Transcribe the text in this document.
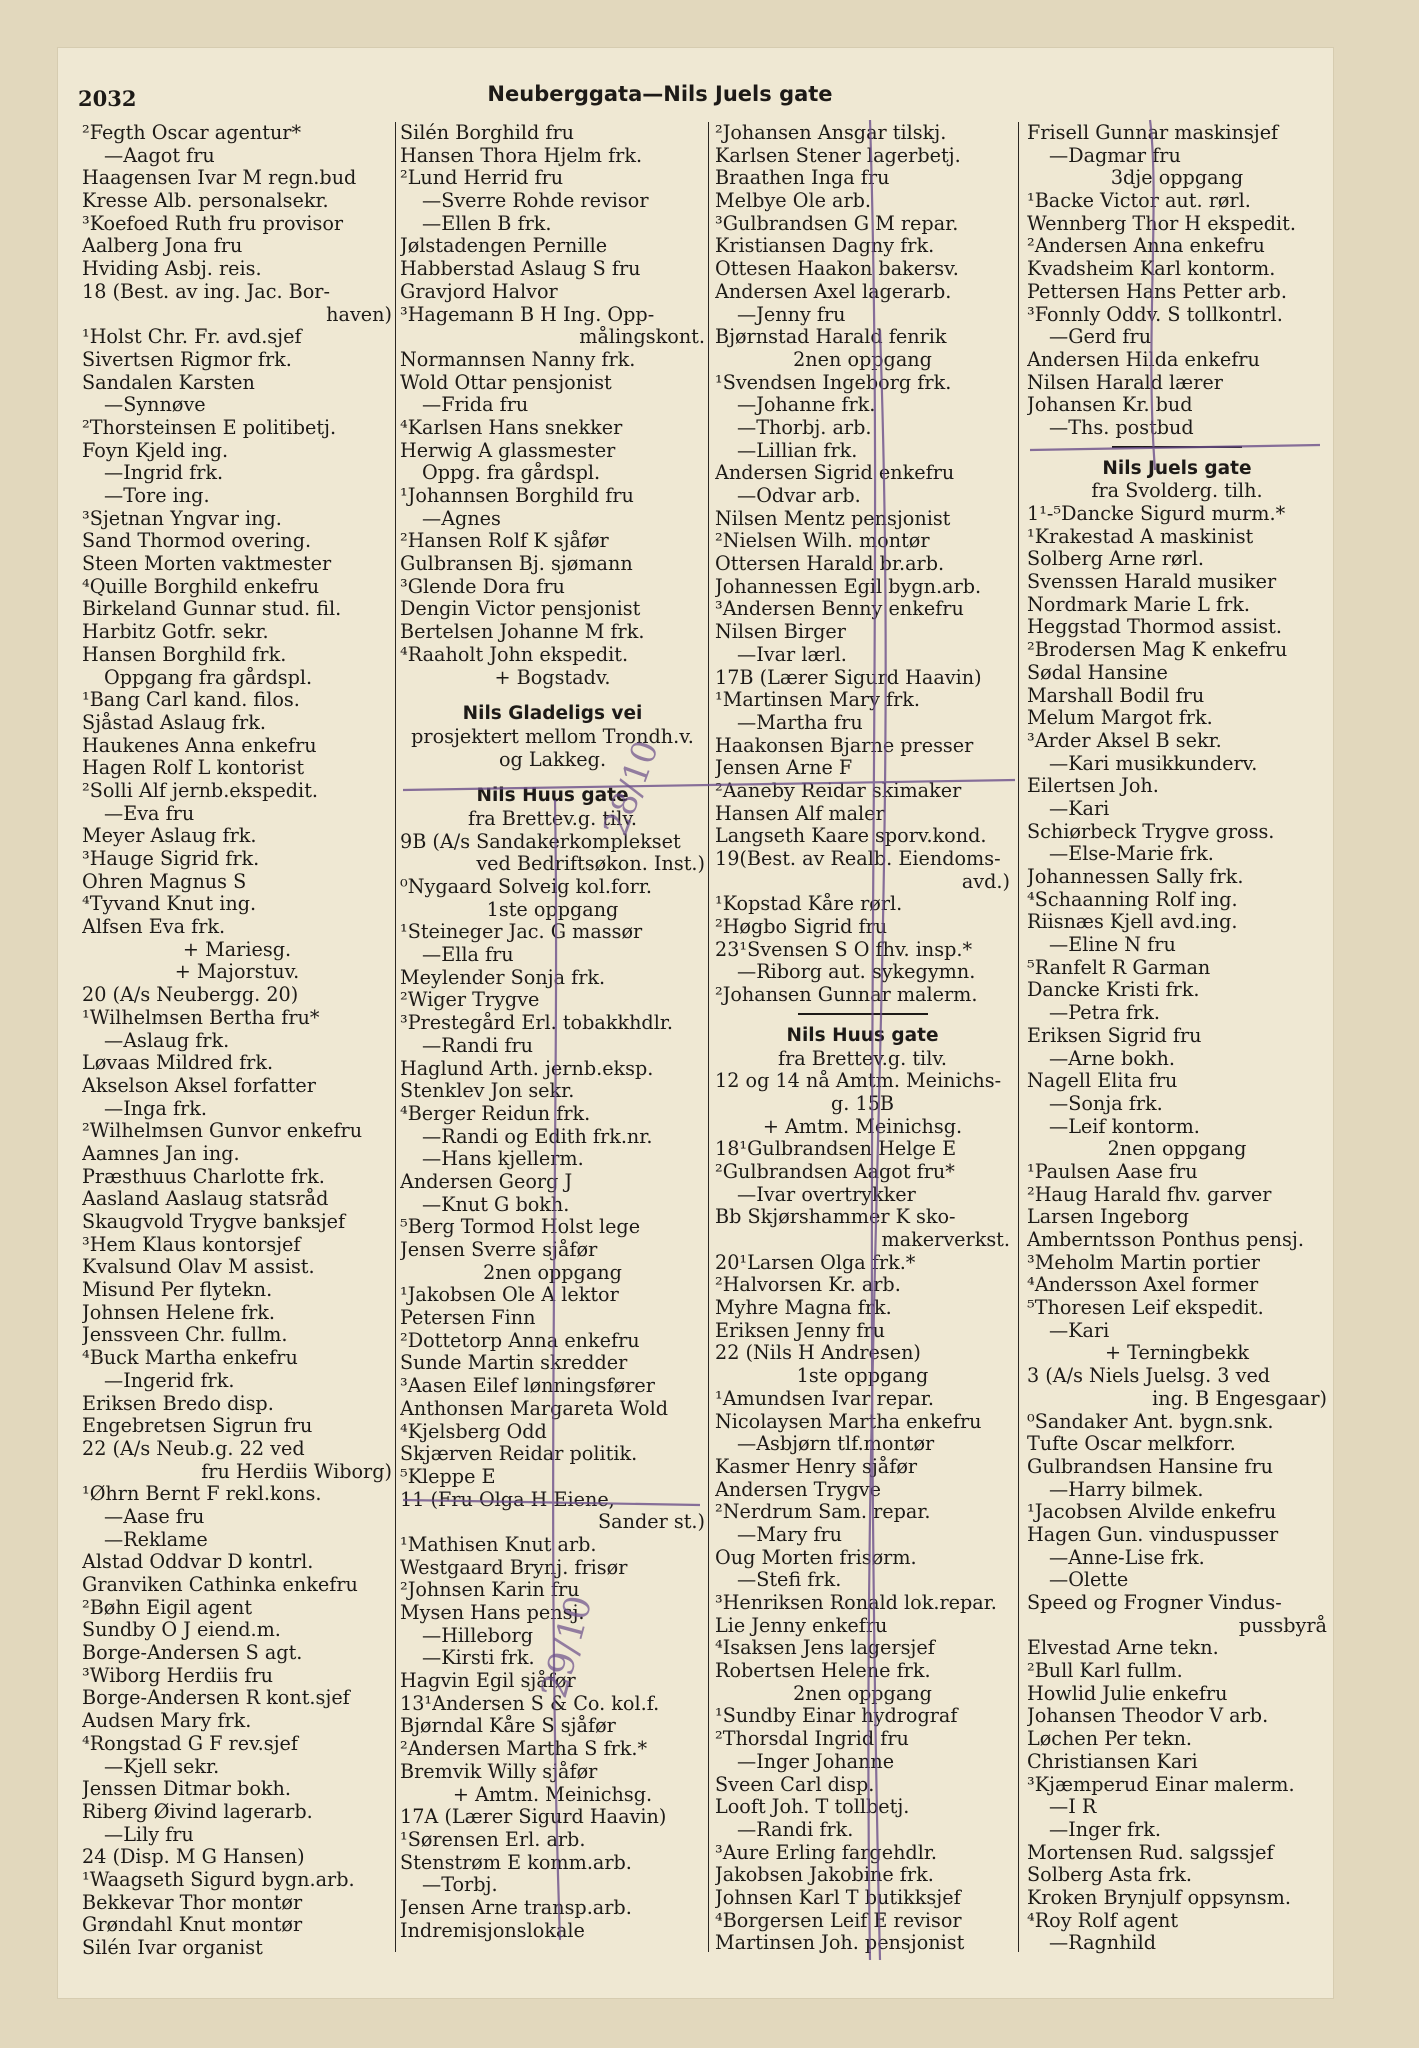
2032	Neuberggata—Nils Juels gate
²Fegth Oscar agentur*
—Aagot fru
Haagensen Ivar M regn.bud
Kresse Alb. personalsekr.
³Koefoed Ruth fru provisor
Aalberg Jona fru
Hviding Asbj. reis.
18 (Best. av ing. Jac. Bor-
haven)
¹Holst Chr. Fr. avd.sjef
Sivertsen Rigmor frk.
Sandalen Karsten
—Synnøve
²Thorsteinsen E politibetj.
Foyn Kjeld ing.
—Ingrid frk.
—Tore ing.
³Sjetnan Yngvar ing.
Sand Thormod overing.
Steen Morten vaktmester
⁴Quille Borghild enkefru
Birkeland Gunnar stud. fil.
Harbitz Gotfr. sekr.
Hansen Borghild frk.
Oppgang fra gårdspl.
¹Bang Carl kand. filos.
Sjåstad Aslaug frk.
Haukenes Anna enkefru
Hagen Rolf L kontorist
²Solli Alf jernb.ekspedit.
—Eva fru
Meyer Aslaug frk.
³Hauge Sigrid frk.
Ohren Magnus S
⁴Tyvand Knut ing.
Alfsen Eva frk.
+ Mariesg.
+ Majorstuv.
20 (A/s Neubergg. 20)
¹Wilhelmsen Bertha fru*
—Aslaug frk.
Løvaas Mildred frk.
Akselson Aksel forfatter
—Inga frk.
²Wilhelmsen Gunvor enkefru
Aamnes Jan ing.
Præsthuus Charlotte frk.
Aasland Aaslaug statsråd
Skaugvold Trygve banksjef
³Hem Klaus kontorsjef
Kvalsund Olav M assist.
Misund Per flytekn.
Johnsen Helene frk.
Jenssveen Chr. fullm.
⁴Buck Martha enkefru
—Ingerid frk.
Eriksen Bredo disp.
Engebretsen Sigrun fru
22 (A/s Neub.g. 22 ved
fru Herdiis Wiborg)
¹Øhrn Bernt F rekl.kons.
—Aase fru
—Reklame
Alstad Oddvar D kontrl.
Granviken Cathinka enkefru
²Bøhn Eigil agent
Sundby O J eiend.m.
Borge-Andersen S agt.
³Wiborg Herdiis fru
Borge-Andersen R kont.sjef
Audsen Mary frk.
⁴Rongstad G F rev.sjef
—Kjell sekr.
Jenssen Ditmar bokh.
Riberg Øivind lagerarb.
—Lily fru
24 (Disp. M G Hansen)
¹Waagseth Sigurd bygn.arb.
Bekkevar Thor montør
Grøndahl Knut montør
Silén Ivar organist
Silén Borghild fru
Hansen Thora Hjelm frk.
²Lund Herrid fru
—Sverre Rohde revisor
—Ellen B frk.
Jølstadengen Pernille
Habberstad Aslaug S fru
Gravjord Halvor
³Hagemann B H Ing. Opp-
målingskont.
Normannsen Nanny frk.
Wold Ottar pensjonist
—Frida fru
⁴Karlsen Hans snekker
Herwig A glassmester
Oppg. fra gårdspl.
¹Johannsen Borghild fru
—Agnes
²Hansen Rolf K sjåfør
Gulbransen Bj. sjømann
³Glende Dora fru
Dengin Victor pensjonist
Bertelsen Johanne M frk.
⁴Raaholt John ekspedit.
+ Bogstadv.
Nils Gladeligs vei
prosjektert mellom Trondh.v.
og Lakkeg.
Nils Huus gate
fra Brettev.g. tilv.
9B (A/s Sandakerkomplekset
ved Bedriftsøkon. Inst.)
⁰Nygaard Solveig kol.forr.
1ste oppgang
¹Steineger Jac. G massør
—Ella fru
Meylender Sonja frk.
²Wiger Trygve
³Prestegård Erl. tobakkhdlr.
—Randi fru
Haglund Arth. jernb.eksp.
Stenklev Jon sekr.
⁴Berger Reidun frk.
—Randi og Edith frk.nr.
—Hans kjellerm.
Andersen Georg J
—Knut G bokh.
⁵Berg Tormod Holst lege
Jensen Sverre sjåfør
2nen oppgang
¹Jakobsen Ole A lektor
Petersen Finn
²Dottetorp Anna enkefru
Sunde Martin skredder
³Aasen Eilef lønningsfører
Anthonsen Margareta Wold
⁴Kjelsberg Odd
Skjærven Reidar politik.
⁵Kleppe E
11 (Fru Olga H Eiene,
Sander st.)
¹Mathisen Knut arb.
Westgaard Brynj. frisør
²Johnsen Karin fru
Mysen Hans pensj.
—Hilleborg
—Kirsti frk.
Hagvin Egil sjåfør
13¹Andersen S & Co. kol.f.
Bjørndal Kåre S sjåfør
²Andersen Martha S frk.*
Bremvik Willy sjåfør
+ Amtm. Meinichsg.
17A (Lærer Sigurd Haavin)
¹Sørensen Erl. arb.
Stenstrøm E komm.arb.
—Torbj.
Jensen Arne transp.arb.
Indremisjonslokale
²Johansen Ansgar tilskj.
Karlsen Stener lagerbetj.
Braathen Inga fru
Melbye Ole arb.
³Gulbrandsen G M repar.
Kristiansen Dagny frk.
Ottesen Haakon bakersv.
Andersen Axel lagerarb.
—Jenny fru
Bjørnstad Harald fenrik
2nen oppgang
¹Svendsen Ingeborg frk.
—Johanne frk.
—Thorbj. arb.
—Lillian frk.
Andersen Sigrid enkefru
—Odvar arb.
Nilsen Mentz pensjonist
²Nielsen Wilh. montør
Ottersen Harald br.arb.
Johannessen Egil bygn.arb.
³Andersen Benny enkefru
Nilsen Birger
—Ivar lærl.
17B (Lærer Sigurd Haavin)
¹Martinsen Mary frk.
—Martha fru
Haakonsen Bjarne presser
Jensen Arne F
²Aaneby Reidar skimaker
Hansen Alf maler
Langseth Kaare sporv.kond.
19(Best. av Realb. Eiendoms-
avd.)
¹Kopstad Kåre rørl.
²Høgbo Sigrid fru
23¹Svensen S O fhv. insp.*
—Riborg aut. sykegymn.
²Johansen Gunnar malerm.
Nils Huus gate
fra Brettev.g. tilv.
12 og 14 nå Amtm. Meinichs-
g. 15B
+ Amtm. Meinichsg.
18¹Gulbrandsen Helge E
²Gulbrandsen Aagot fru*
—Ivar overtrykker
Bb Skjørshammer K sko-
makerverkst.
20¹Larsen Olga frk.*
²Halvorsen Kr. arb.
Myhre Magna frk.
Eriksen Jenny fru
22 (Nils H Andresen)
1ste oppgang
¹Amundsen Ivar repar.
Nicolaysen Martha enkefru
—Asbjørn tlf.montør
Kasmer Henry sjåfør
Andersen Trygve
²Nerdrum Sam. repar.
—Mary fru
Oug Morten frisørm.
—Stefi frk.
³Henriksen Ronald lok.repar.
Lie Jenny enkefru
⁴Isaksen Jens lagersjef
Robertsen Helene frk.
2nen oppgang
¹Sundby Einar hydrograf
²Thorsdal Ingrid fru
—Inger Johanne
Sveen Carl disp.
Looft Joh. T tollbetj.
—Randi frk.
³Aure Erling fargehdlr.
Jakobsen Jakobine frk.
Johnsen Karl T butikksjef
⁴Borgersen Leif E revisor
Martinsen Joh. pensjonist
Frisell Gunnar maskinsjef
—Dagmar fru
3dje oppgang
¹Backe Victor aut. rørl.
Wennberg Thor H ekspedit.
²Andersen Anna enkefru
Kvadsheim Karl kontorm.
Pettersen Hans Petter arb.
³Fonnly Oddv. S tollkontrl.
—Gerd fru
Andersen Hilda enkefru
Nilsen Harald lærer
Johansen Kr. bud
—Ths. postbud
Nils Juels gate
fra Svolderg. tilh.
1¹-⁵Dancke Sigurd murm.*
¹Krakestad A maskinist
Solberg Arne rørl.
Svenssen Harald musiker
Nordmark Marie L frk.
Heggstad Thormod assist.
²Brodersen Mag K enkefru
Sødal Hansine
Marshall Bodil fru
Melum Margot frk.
³Arder Aksel B sekr.
—Kari musikkunderv.
Eilertsen Joh.
—Kari
Schiørbeck Trygve gross.
—Else-Marie frk.
Johannessen Sally frk.
⁴Schaanning Rolf ing.
Riisnæs Kjell avd.ing.
—Eline N fru
⁵Ranfelt R Garman
Dancke Kristi frk.
—Petra frk.
Eriksen Sigrid fru
—Arne bokh.
Nagell Elita fru
—Sonja frk.
—Leif kontorm.
2nen oppgang
¹Paulsen Aase fru
²Haug Harald fhv. garver
Larsen Ingeborg
Amberntsson Ponthus pensj.
³Meholm Martin portier
⁴Andersson Axel former
⁵Thoresen Leif ekspedit.
—Kari
+ Terningbekk
3 (A/s Niels Juelsg. 3 ved
ing. B Engesgaar)
⁰Sandaker Ant. bygn.snk.
Tufte Oscar melkforr.
Gulbrandsen Hansine fru
—Harry bilmek.
¹Jacobsen Alvilde enkefru
Hagen Gun. vinduspusser
—Anne-Lise frk.
—Olette
Speed og Frogner Vindus-
pussbyrå
Elvestad Arne tekn.
²Bull Karl fullm.
Howlid Julie enkefru
Johansen Theodor V arb.
Løchen Per tekn.
Christiansen Kari
³Kjæmperud Einar malerm.
—I R
—Inger frk.
Mortensen Rud. salgssjef
Solberg Asta frk.
Kroken Brynjulf oppsynsm.
⁴Roy Rolf agent
—Ragnhild
28/10
29/10
